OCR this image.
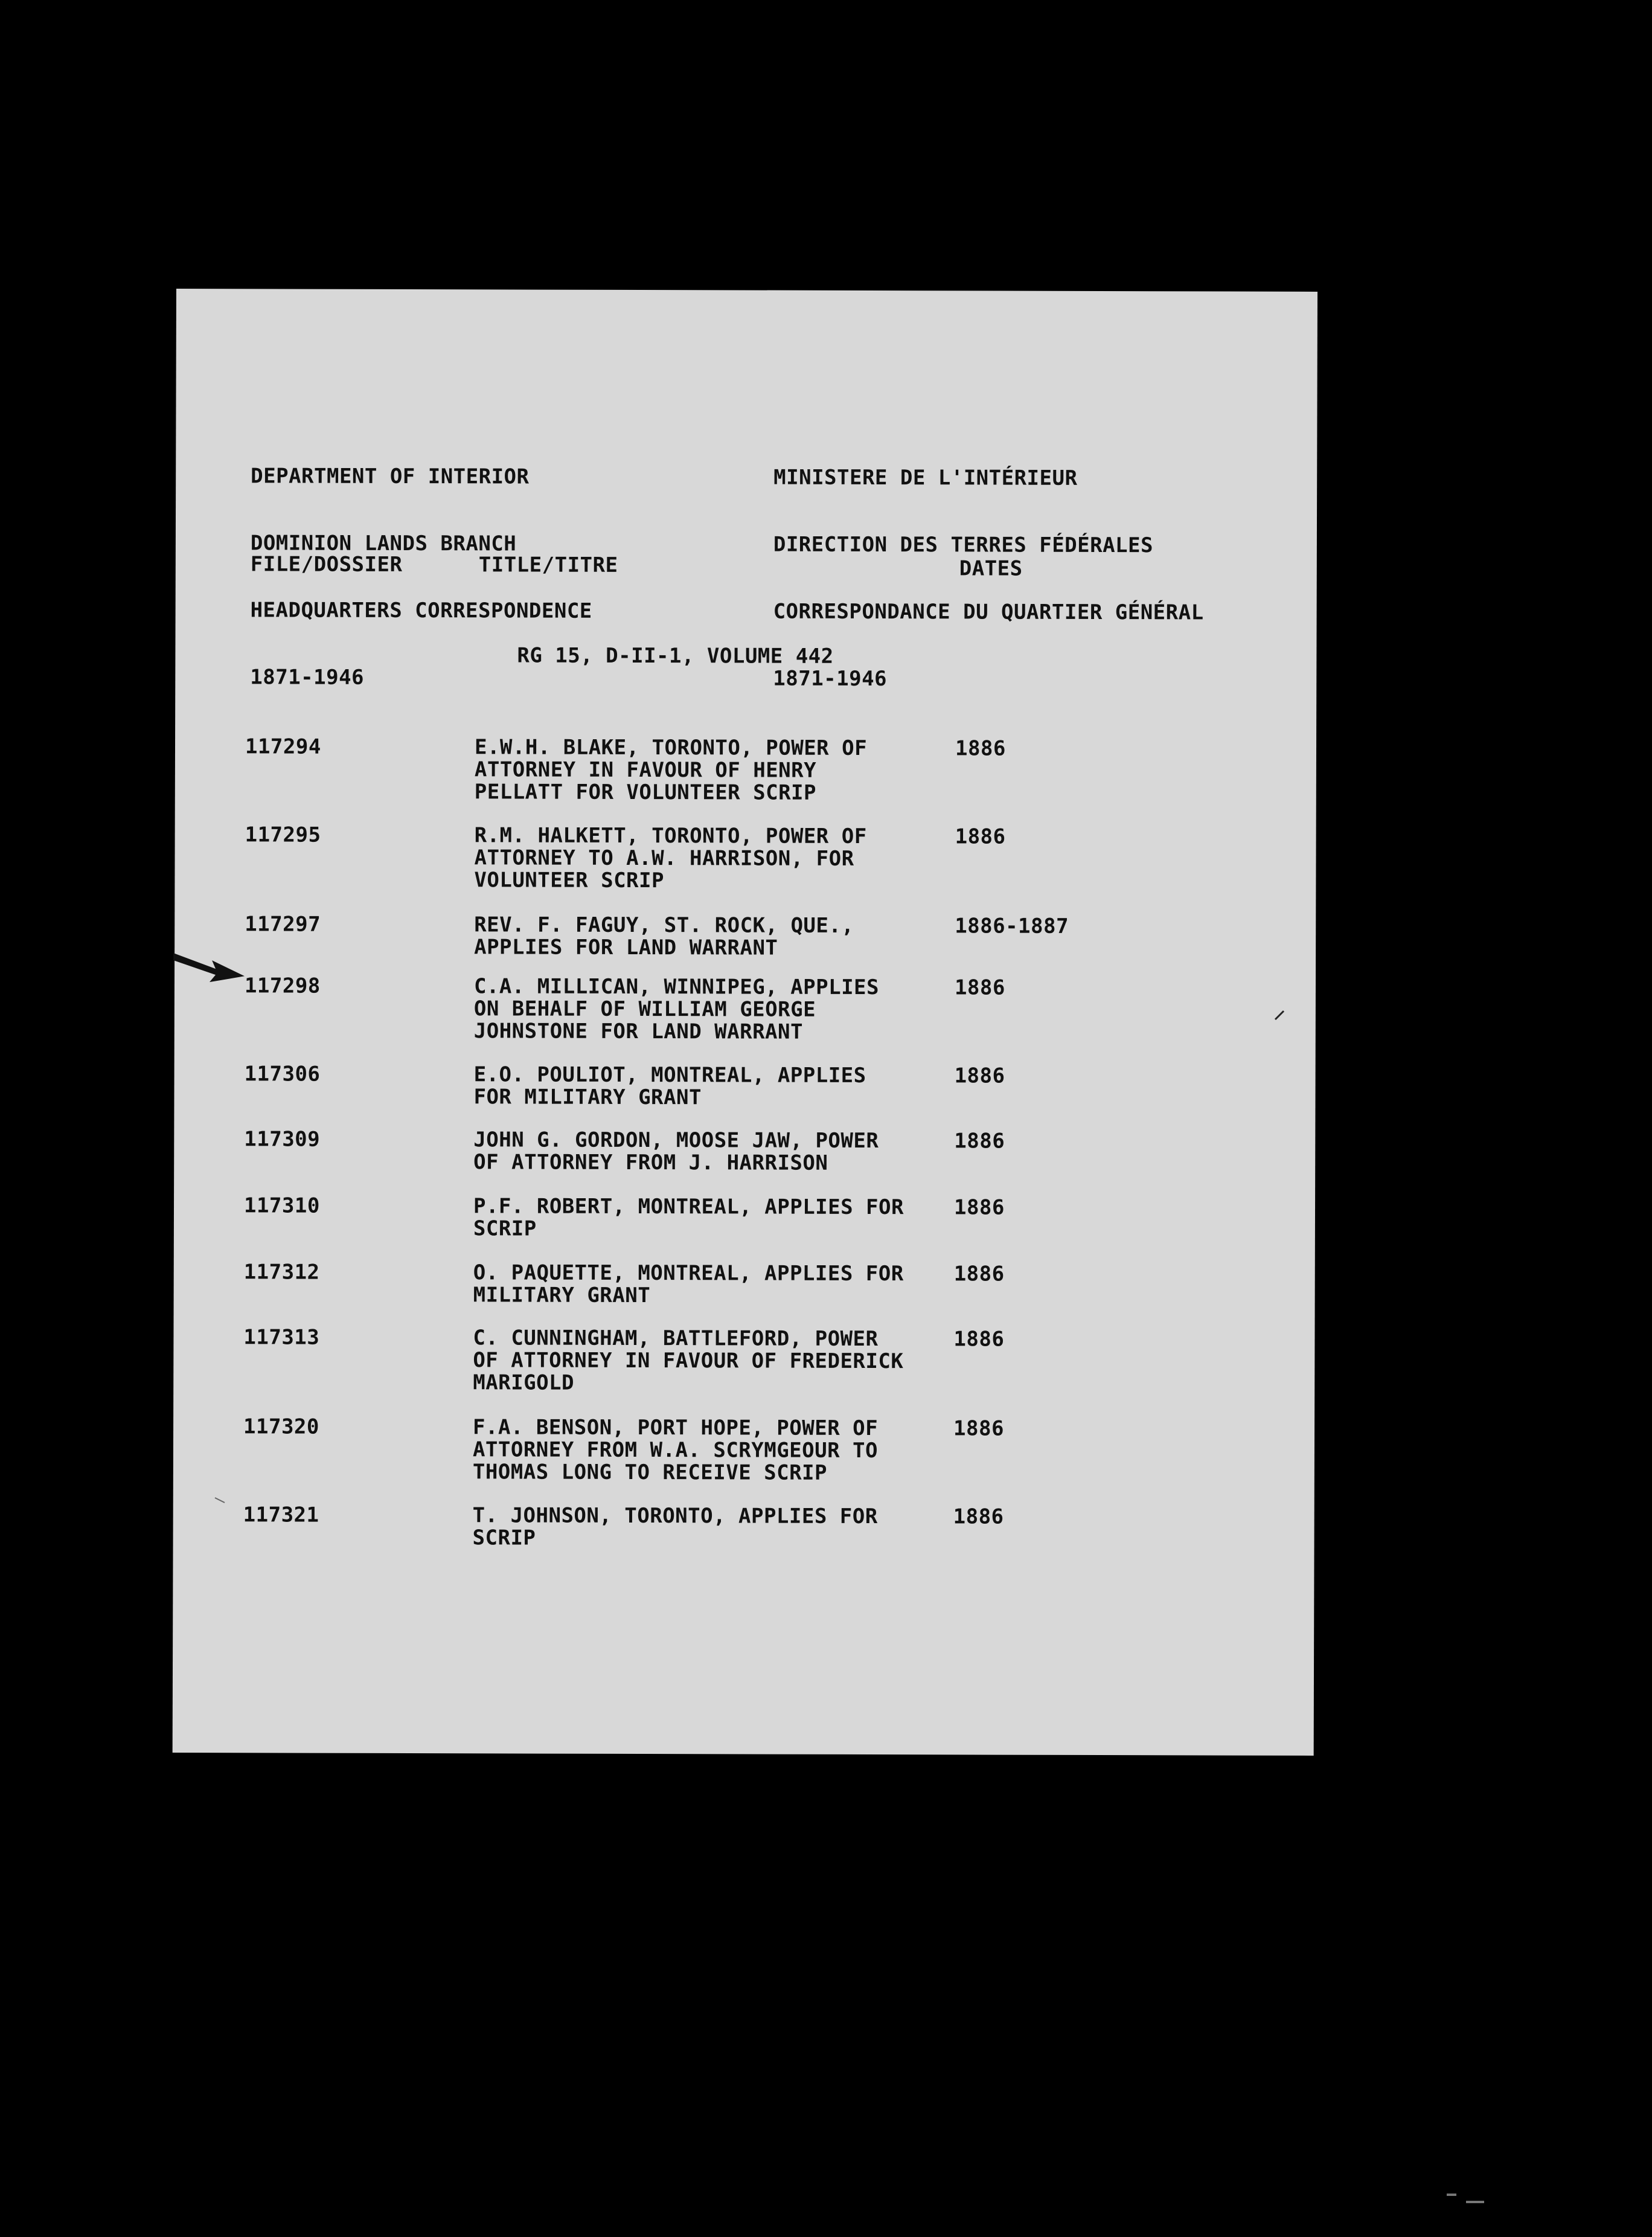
DEPARTMENT OF INTERIOR

DOMINION LANDS BRANCH

HEADQUARTERS CORRESPONDENCE

1871-1946

MINISTERE DE L'INTÉRIEUR

DIRECTION DES TERRES FÉDÉRALES

CORRESPONDANCE DU QUARTIER GÉNÉRAL

1871-1946

FILE/DOSSIER	TITLE/TITRE	DATES
RG 15, D-II-1, VOLUME 442
117294	E.W.H. BLAKE, TORONTO, POWER OF
ATTORNEY IN FAVOUR OF HENRY
PELLATT FOR VOLUNTEER SCRIP
1886
117295	R.M. HALKETT, TORONTO, POWER OF
ATTORNEY TO A.W. HARRISON, FOR
VOLUNTEER SCRIP
1886
117297	REV. F. FAGUY, ST. ROCK, QUE.,
APPLIES FOR LAND WARRANT
1886-1887
117298	C.A. MILLICAN, WINNIPEG, APPLIES
ON BEHALF OF WILLIAM GEORGE
JOHNSTONE FOR LAND WARRANT
1886
117306	E.O. POULIOT, MONTREAL, APPLIES
FOR MILITARY GRANT
1886
117309	JOHN G. GORDON, MOOSE JAW, POWER
OF ATTORNEY FROM J. HARRISON
1886
117310	P.F. ROBERT, MONTREAL, APPLIES FOR
SCRIP
1886
117312	O. PAQUETTE, MONTREAL, APPLIES FOR
MILITARY GRANT
1886
117313	C. CUNNINGHAM, BATTLEFORD, POWER
OF ATTORNEY IN FAVOUR OF FREDERICK
MARIGOLD
1886
117320	F.A. BENSON, PORT HOPE, POWER OF
ATTORNEY FROM W.A. SCRYMGEOUR TO
THOMAS LONG TO RECEIVE SCRIP
1886
117321	T. JOHNSON, TORONTO, APPLIES FOR
SCRIP
1886
